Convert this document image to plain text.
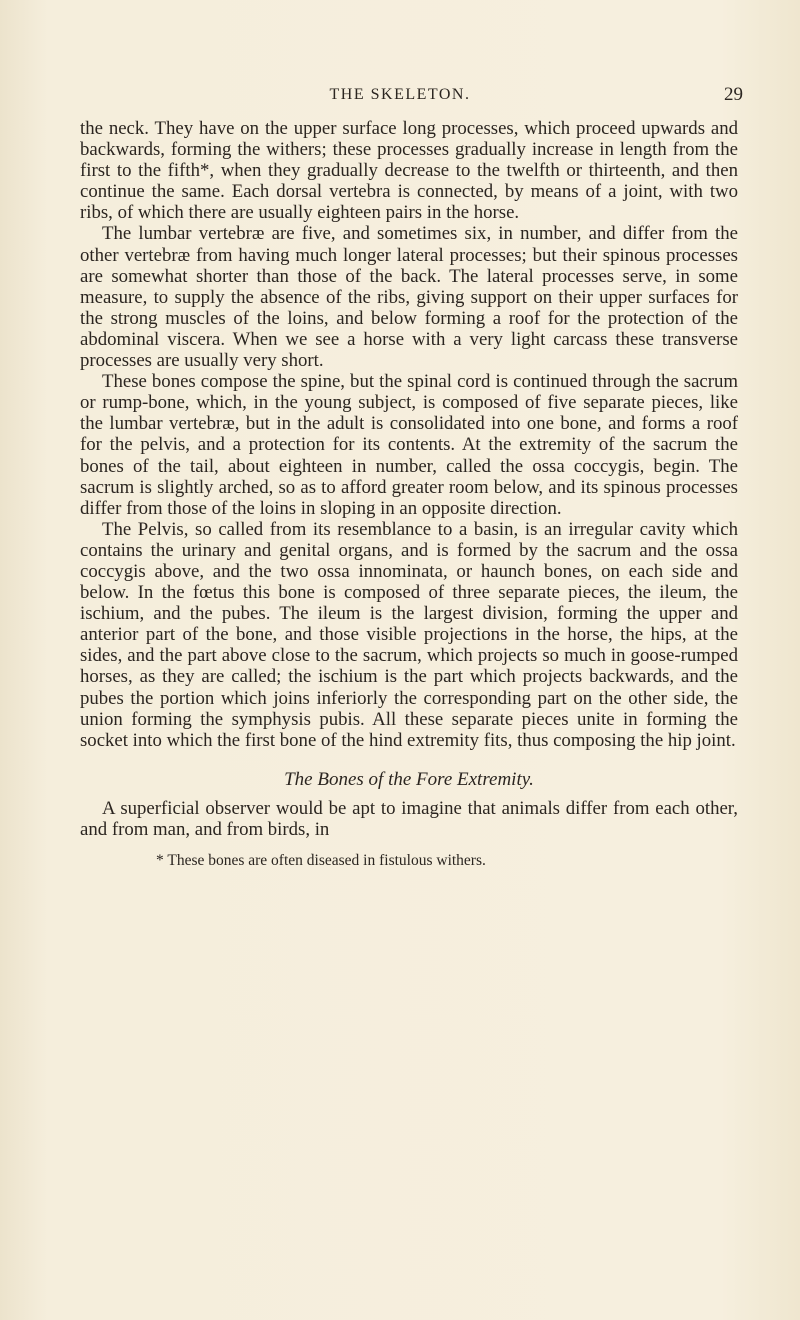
THE SKELETON.	29

the neck. They have on the upper surface long processes, which proceed upwards and backwards, forming the withers; these processes gradually increase in length from the first to the fifth*, when they gradually decrease to the twelfth or thirteenth, and then continue the same. Each dorsal vertebra is connected, by means of a joint, with two ribs, of which there are usually eighteen pairs in the horse.

The lumbar vertebræ are five, and sometimes six, in number, and differ from the other vertebræ from having much longer lateral processes; but their spinous processes are somewhat shorter than those of the back. The lateral processes serve, in some measure, to supply the absence of the ribs, giving support on their upper surfaces for the strong muscles of the loins, and below forming a roof for the protection of the abdominal viscera. When we see a horse with a very light carcass these transverse processes are usually very short.

These bones compose the spine, but the spinal cord is continued through the sacrum or rump-bone, which, in the young subject, is composed of five separate pieces, like the lumbar vertebræ, but in the adult is consolidated into one bone, and forms a roof for the pelvis, and a protection for its contents. At the extremity of the sacrum the bones of the tail, about eighteen in number, called the ossa coccygis, begin. The sacrum is slightly arched, so as to afford greater room below, and its spinous processes differ from those of the loins in sloping in an opposite direction.

The Pelvis, so called from its resemblance to a basin, is an irregular cavity which contains the urinary and genital organs, and is formed by the sacrum and the ossa coccygis above, and the two ossa innominata, or haunch bones, on each side and below. In the fœtus this bone is composed of three separate pieces, the ileum, the ischium, and the pubes. The ileum is the largest division, forming the upper and anterior part of the bone, and those visible projections in the horse, the hips, at the sides, and the part above close to the sacrum, which projects so much in goose-rumped horses, as they are called; the ischium is the part which projects backwards, and the pubes the portion which joins inferiorly the corresponding part on the other side, the union forming the symphysis pubis. All these separate pieces unite in forming the socket into which the first bone of the hind extremity fits, thus composing the hip joint.

The Bones of the Fore Extremity.

A superficial observer would be apt to imagine that animals differ from each other, and from man, and from birds, in

* These bones are often diseased in fistulous withers.
